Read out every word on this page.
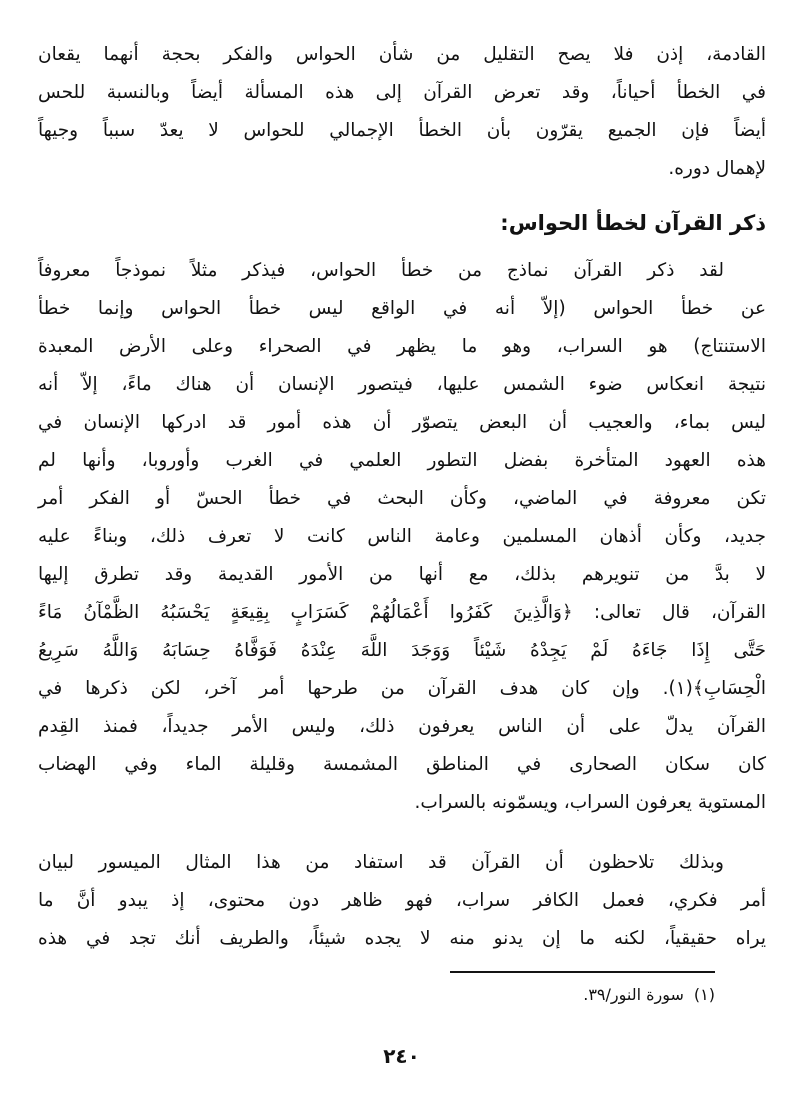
القادمة، إذن فلا يصح التقليل من شأن الحواس والفكر بحجة أنهما يقعان
في الخطأ أحياناً، وقد تعرض القرآن إلى هذه المسألة أيضاً وبالنسبة للحس
أيضاً فإن الجميع يقرّون بأن الخطأ الإجمالي للحواس لا يعدّ سبباً وجيهاً
لإهمال دوره.
ذكر القرآن لخطأ الحواس:
لقد ذكر القرآن نماذج من خطأ الحواس، فيذكر مثلاً نموذجاً معروفاً
عن خطأ الحواس (إلاّ أنه في الواقع ليس خطأ الحواس وإنما خطأ
الاستنتاج) هو السراب، وهو ما يظهر في الصحراء وعلى الأرض المعبدة
نتيجة انعكاس ضوء الشمس عليها، فيتصور الإنسان أن هناك ماءً، إلاّ أنه
ليس بماء، والعجيب أن البعض يتصوّر أن هذه أمور قد ادركها الإنسان في
هذه العهود المتأخرة بفضل التطور العلمي في الغرب وأوروبا، وأنها لم
تكن معروفة في الماضي، وكأن البحث في خطأ الحسّ أو الفكر أمر
جديد، وكأن أذهان المسلمين وعامة الناس كانت لا تعرف ذلك، وبناءً عليه
لا بدَّ من تنويرهم بذلك، مع أنها من الأمور القديمة وقد تطرق إليها
القرآن، قال تعالى: ﴿وَالَّذِينَ كَفَرُوا أَعْمَالُهُمْ كَسَرَابٍ بِقِيعَةٍ يَحْسَبُهُ الظَّمْآنُ مَاءً
حَتَّى إِذَا جَاءَهُ لَمْ يَجِدْهُ شَيْئاً وَوَجَدَ اللَّهَ عِنْدَهُ فَوَفَّاهُ حِسَابَهُ وَاللَّهُ سَرِيعُ
الْحِسَابِ﴾(١). وإن كان هدف القرآن من طرحها أمر آخر، لكن ذكرها في
القرآن يدلّ على أن الناس يعرفون ذلك، وليس الأمر جديداً، فمنذ القِدم
كان سكان الصحارى في المناطق المشمسة وقليلة الماء وفي الهضاب
المستوية يعرفون السراب، ويسمّونه بالسراب.
وبذلك تلاحظون أن القرآن قد استفاد من هذا المثال الميسور لبيان
أمر فكري، فعمل الكافر سراب، فهو ظاهر دون محتوى، إذ يبدو أنَّ ما
يراه حقيقياً، لكنه ما إن يدنو منه لا يجده شيئاً، والطريف أنك تجد في هذه
(١)سورة النور/٣٩.
٢٤٠
